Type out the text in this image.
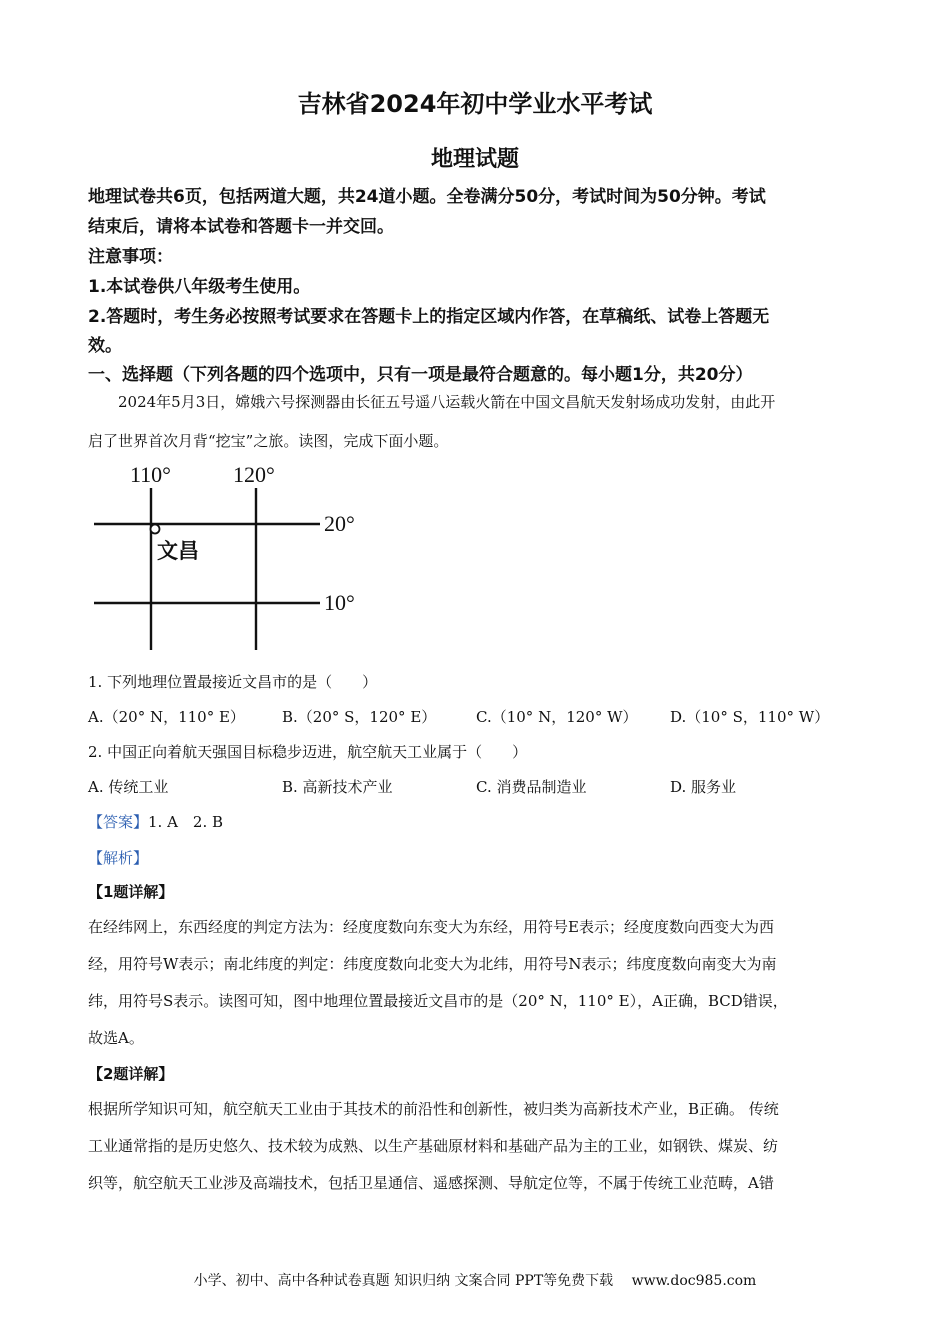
吉林省2024年初中学业水平考试
地理试题
地理试卷共6页，包括两道大题，共24道小题。全卷满分50分，考试时间为50分钟。考试
结束后，请将本试卷和答题卡一并交回。
注意事项：
1.本试卷供八年级考生使用。
2.答题时，考生务必按照考试要求在答题卡上的指定区域内作答，在草稿纸、试卷上答题无
效。
一、选择题（下列各题的四个选项中，只有一项是最符合题意的。每小题1分，共20分）
2024年5月3日，嫦娥六号探测器由长征五号遥八运载火箭在中国文昌航天发射场成功发射，由此开
启了世界首次月背“挖宝”之旅。读图，完成下面小题。
110°	120°
20°
10°
文昌
1. 下列地理位置最接近文昌市的是（　　）
A.（20° N，110° E） B.（20° S，120° E）	C.（10° N，120° W） D.（10° S，110° W）
2. 中国正向着航天强国目标稳步迈进，航空航天工业属于（　　）
A. 传统工业	B. 高新技术产业	C. 消费品制造业	D. 服务业
【答案】1. A　2. B
【解析】
【1题详解】
在经纬网上，东西经度的判定方法为：经度度数向东变大为东经，用符号E表示；经度度数向西变大为西
经，用符号W表示；南北纬度的判定：纬度度数向北变大为北纬，用符号N表示；纬度度数向南变大为南
纬，用符号S表示。读图可知，图中地理位置最接近文昌市的是（20° N，110° E），A正确，BCD错误，
故选A。
【2题详解】
根据所学知识可知，航空航天工业由于其技术的前沿性和创新性，被归类为高新技术产业，B正确。 传统
工业通常指的是历史悠久、技术较为成熟、以生产基础原材料和基础产品为主的工业，如钢铁、煤炭、纺
织等，航空航天工业涉及高端技术，包括卫星通信、遥感探测、导航定位等，不属于传统工业范畴，A错
小学、初中、高中各种试卷真题 知识归纳 文案合同 PPT等免费下载　 www.doc985.com
